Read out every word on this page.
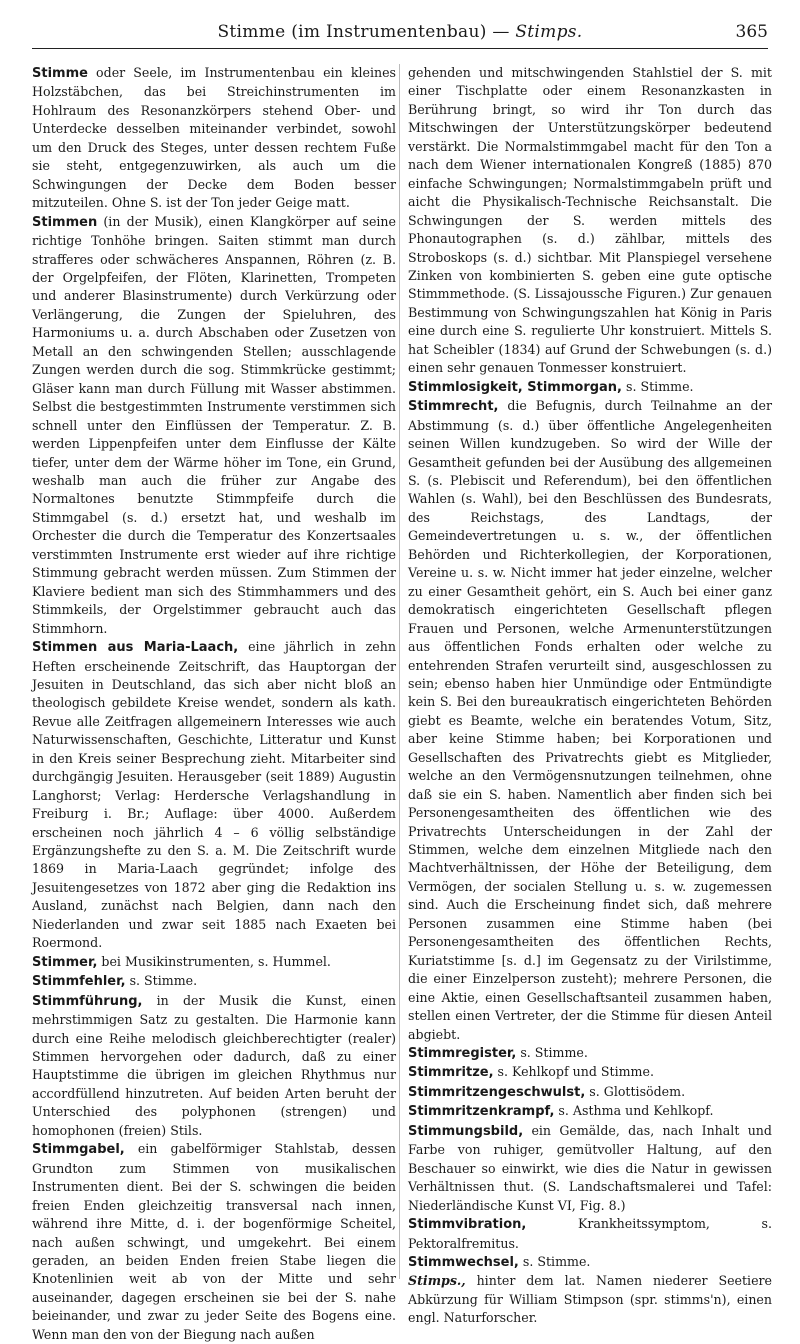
Stimme (im Instrumentenbau) — Stimps.	365

Stimme oder Seele, im Instrumentenbau ein kleines Holzstäbchen, das bei Streichinstrumenten im Hohlraum des Resonanzkörpers stehend Ober- und Unterdecke desselben miteinander verbindet, sowohl um den Druck des Steges, unter dessen rechtem Fuße sie steht, entgegenzuwirken, als auch um die Schwingungen der Decke dem Boden besser mitzuteilen. Ohne S. ist der Ton jeder Geige matt.

Stimmen (in der Musik), einen Klangkörper auf seine richtige Tonhöhe bringen. Saiten stimmt man durch strafferes oder schwächeres Anspannen, Röhren (z. B. der Orgelpfeifen, der Flöten, Klarinetten, Trompeten und anderer Blasinstrumente) durch Verkürzung oder Verlängerung, die Zungen der Spieluhren, des Harmoniums u. a. durch Abschaben oder Zusetzen von Metall an den schwingenden Stellen; ausschlagende Zungen werden durch die sog. Stimmkrücke gestimmt; Gläser kann man durch Füllung mit Wasser abstimmen. Selbst die bestgestimmten Instrumente verstimmen sich schnell unter den Einflüssen der Temperatur. Z. B. werden Lippenpfeifen unter dem Einflusse der Kälte tiefer, unter dem der Wärme höher im Tone, ein Grund, weshalb man auch die früher zur Angabe des Normaltones benutzte Stimmpfeife durch die Stimmgabel (s. d.) ersetzt hat, und weshalb im Orchester die durch die Temperatur des Konzertsaales verstimmten Instrumente erst wieder auf ihre richtige Stimmung gebracht werden müssen. Zum Stimmen der Klaviere bedient man sich des Stimmhammers und des Stimmkeils, der Orgelstimmer gebraucht auch das Stimmhorn.

Stimmen aus Maria-Laach, eine jährlich in zehn Heften erscheinende Zeitschrift, das Hauptorgan der Jesuiten in Deutschland, das sich aber nicht bloß an theologisch gebildete Kreise wendet, sondern als kath. Revue alle Zeitfragen allgemeinern Interesses wie auch Naturwissenschaften, Geschichte, Litteratur und Kunst in den Kreis seiner Besprechung zieht. Mitarbeiter sind durchgängig Jesuiten. Herausgeber (seit 1889) Augustin Langhorst; Verlag: Herdersche Verlagshandlung in Freiburg i. Br.; Auflage: über 4000. Außerdem erscheinen noch jährlich 4 – 6 völlig selbständige Ergänzungshefte zu den S. a. M. Die Zeitschrift wurde 1869 in Maria-Laach gegründet; infolge des Jesuitengesetzes von 1872 aber ging die Redaktion ins Ausland, zunächst nach Belgien, dann nach den Niederlanden und zwar seit 1885 nach Exaeten bei Roermond.

Stimmer, bei Musikinstrumenten, s. Hummel.

Stimmfehler, s. Stimme.

Stimmführung, in der Musik die Kunst, einen mehrstimmigen Satz zu gestalten. Die Harmonie kann durch eine Reihe melodisch gleichberechtigter (realer) Stimmen hervorgehen oder dadurch, daß zu einer Hauptstimme die übrigen im gleichen Rhythmus nur accordfüllend hinzutreten. Auf beiden Arten beruht der Unterschied des polyphonen (strengen) und homophonen (freien) Stils.

Stimmgabel, ein gabelförmiger Stahlstab, dessen Grundton zum Stimmen von musikalischen Instrumenten dient. Bei der S. schwingen die beiden freien Enden gleichzeitig transversal nach innen, während ihre Mitte, d. i. der bogenförmige Scheitel, nach außen schwingt, und umgekehrt. Bei einem geraden, an beiden Enden freien Stabe liegen die Knotenlinien weit ab von der Mitte und sehr auseinander, dagegen erscheinen sie bei der S. nahe beieinander, und zwar zu jeder Seite des Bogens eine. Wenn man den von der Biegung nach außen

gehenden und mitschwingenden Stahlstiel der S. mit einer Tischplatte oder einem Resonanzkasten in Berührung bringt, so wird ihr Ton durch das Mitschwingen der Unterstützungskörper bedeutend verstärkt. Die Normalstimmgabel macht für den Ton a nach dem Wiener internationalen Kongreß (1885) 870 einfache Schwingungen; Normalstimmgabeln prüft und aicht die Physikalisch-Technische Reichsanstalt. Die Schwingungen der S. werden mittels des Phonautographen (s. d.) zählbar, mittels des Stroboskops (s. d.) sichtbar. Mit Planspiegel versehene Zinken von kombinierten S. geben eine gute optische Stimmmethode. (S. Lissajoussche Figuren.) Zur genauen Bestimmung von Schwingungszahlen hat König in Paris eine durch eine S. regulierte Uhr konstruiert. Mittels S. hat Scheibler (1834) auf Grund der Schwebungen (s. d.) einen sehr genauen Tonmesser konstruiert.

Stimmlosigkeit, Stimmorgan, s. Stimme.

Stimmrecht, die Befugnis, durch Teilnahme an der Abstimmung (s. d.) über öffentliche Angelegenheiten seinen Willen kundzugeben. So wird der Wille der Gesamtheit gefunden bei der Ausübung des allgemeinen S. (s. Plebiscit und Referendum), bei den öffentlichen Wahlen (s. Wahl), bei den Beschlüssen des Bundesrats, des Reichstags, des Landtags, der Gemeindevertretungen u. s. w., der öffentlichen Behörden und Richterkollegien, der Korporationen, Vereine u. s. w. Nicht immer hat jeder einzelne, welcher zu einer Gesamtheit gehört, ein S. Auch bei einer ganz demokratisch eingerichteten Gesellschaft pflegen Frauen und Personen, welche Armenunterstützungen aus öffentlichen Fonds erhalten oder welche zu entehrenden Strafen verurteilt sind, ausgeschlossen zu sein; ebenso haben hier Unmündige oder Entmündigte kein S. Bei den bureaukratisch eingerichteten Behörden giebt es Beamte, welche ein beratendes Votum, Sitz, aber keine Stimme haben; bei Korporationen und Gesellschaften des Privatrechts giebt es Mitglieder, welche an den Vermögensnutzungen teilnehmen, ohne daß sie ein S. haben. Namentlich aber finden sich bei Personengesamtheiten des öffentlichen wie des Privatrechts Unterscheidungen in der Zahl der Stimmen, welche dem einzelnen Mitgliede nach den Machtverhältnissen, der Höhe der Beteiligung, dem Vermögen, der socialen Stellung u. s. w. zugemessen sind. Auch die Erscheinung findet sich, daß mehrere Personen zusammen eine Stimme haben (bei Personengesamtheiten des öffentlichen Rechts, Kuriatstimme [s. d.] im Gegensatz zu der Virilstimme, die einer Einzelperson zusteht); mehrere Personen, die eine Aktie, einen Gesellschaftsanteil zusammen haben, stellen einen Vertreter, der die Stimme für diesen Anteil abgiebt.

Stimmregister, s. Stimme.

Stimmritze, s. Kehlkopf und Stimme.

Stimmritzengeschwulst, s. Glottisödem.

Stimmritzenkrampf, s. Asthma und Kehlkopf.

Stimmungsbild, ein Gemälde, das, nach Inhalt und Farbe von ruhiger, gemütvoller Haltung, auf den Beschauer so einwirkt, wie dies die Natur in gewissen Verhältnissen thut. (S. Landschaftsmalerei und Tafel: Niederländische Kunst VI, Fig. 8.)

Stimmvibration, Krankheitssymptom, s. Pektoralfremitus.

Stimmwechsel, s. Stimme.

Stimps., hinter dem lat. Namen niederer Seetiere Abkürzung für William Stimpson (spr. stimms'n), einen engl. Naturforscher.
